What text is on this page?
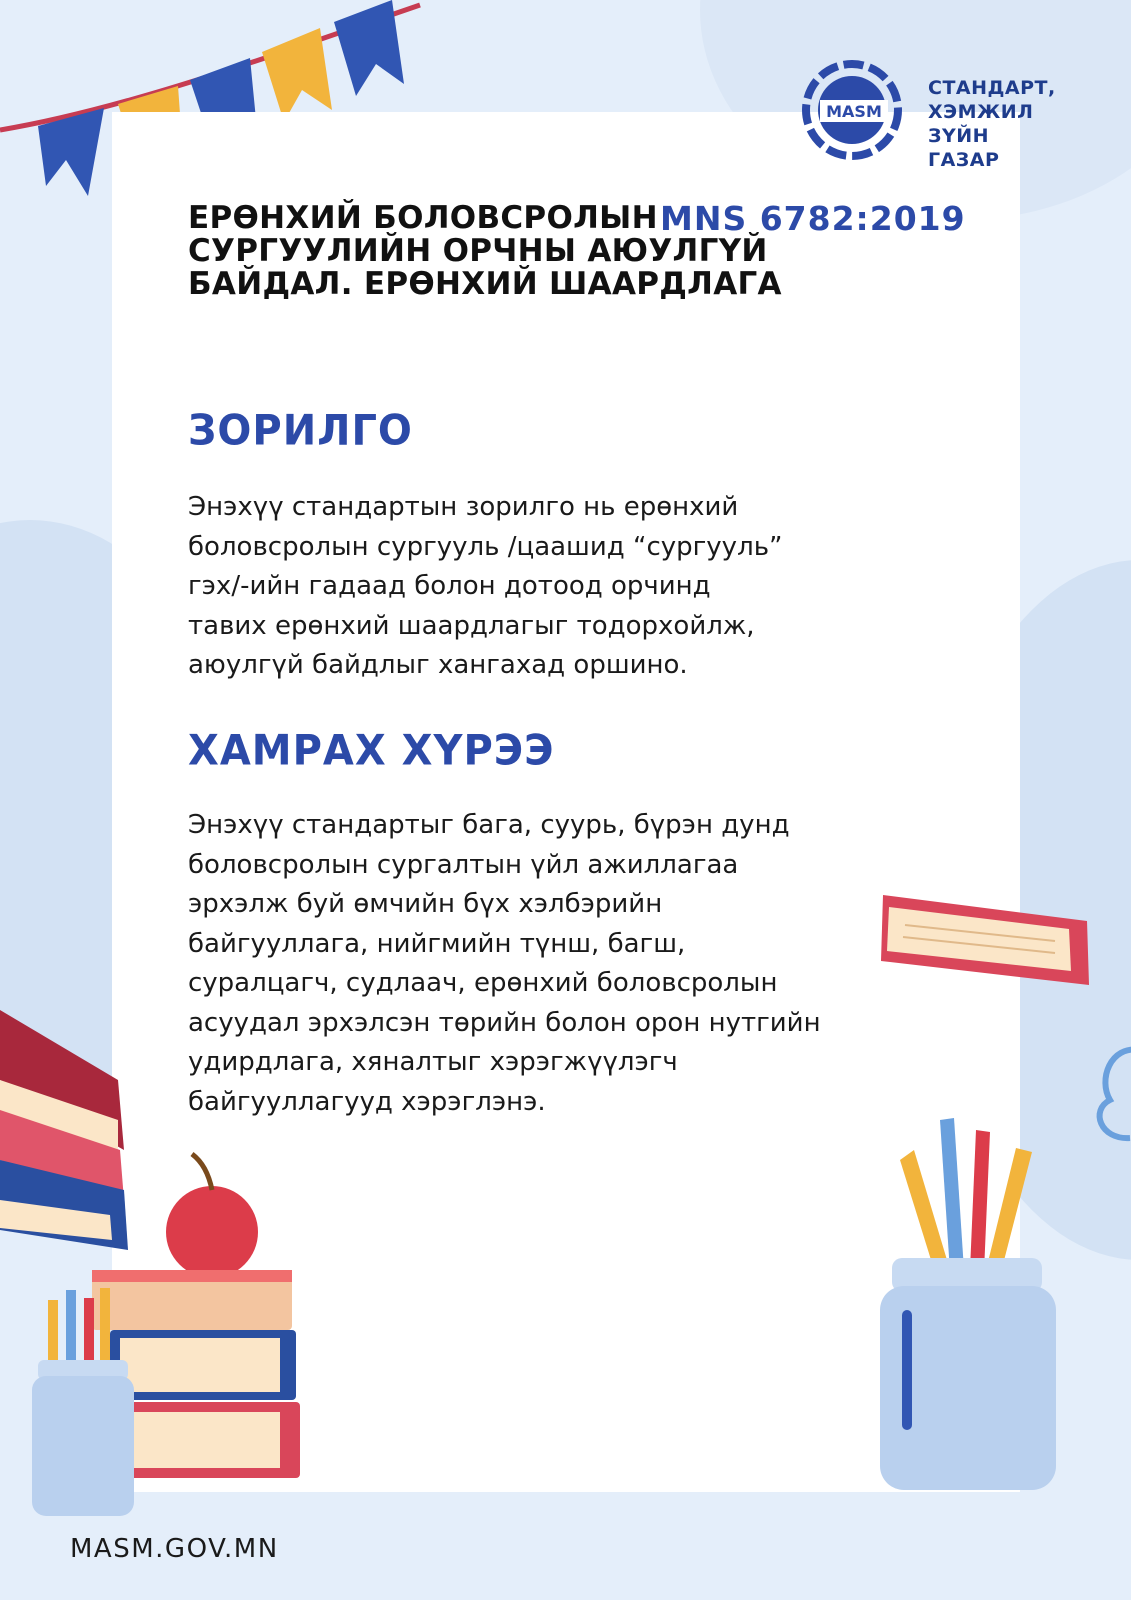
MASM
СТАНДАРТ,
ХЭМЖИЛ ЗҮЙН
ГАЗАР
ЕРӨНХИЙ БОЛОВСРОЛЫН
СУРГУУЛИЙН ОРЧНЫ АЮУЛГҮЙ
БАЙДАЛ. ЕРӨНХИЙ ШААРДЛАГА
MNS 6782:2019
ЗОРИЛГО
Энэхүү стандартын зорилго нь ерөнхий
боловсролын сургууль /цаашид “сургууль”
гэх/-ийн гадаад болон дотоод орчинд
тавих ерөнхий шаардлагыг тодорхойлж,
аюулгүй байдлыг хангахад оршино.
ХАМРАХ ХҮРЭЭ
Энэхүү стандартыг бага, суурь, бүрэн дунд
боловсролын сургалтын үйл ажиллагаа
эрхэлж буй өмчийн бүх хэлбэрийн
байгууллага, нийгмийн түнш, багш,
суралцагч, судлаач, ерөнхий боловсролын
асуудал эрхэлсэн төрийн болон орон нутгийн
удирдлага, хяналтыг хэрэгжүүлэгч
байгууллагууд хэрэглэнэ.
MASM.GOV.MN
